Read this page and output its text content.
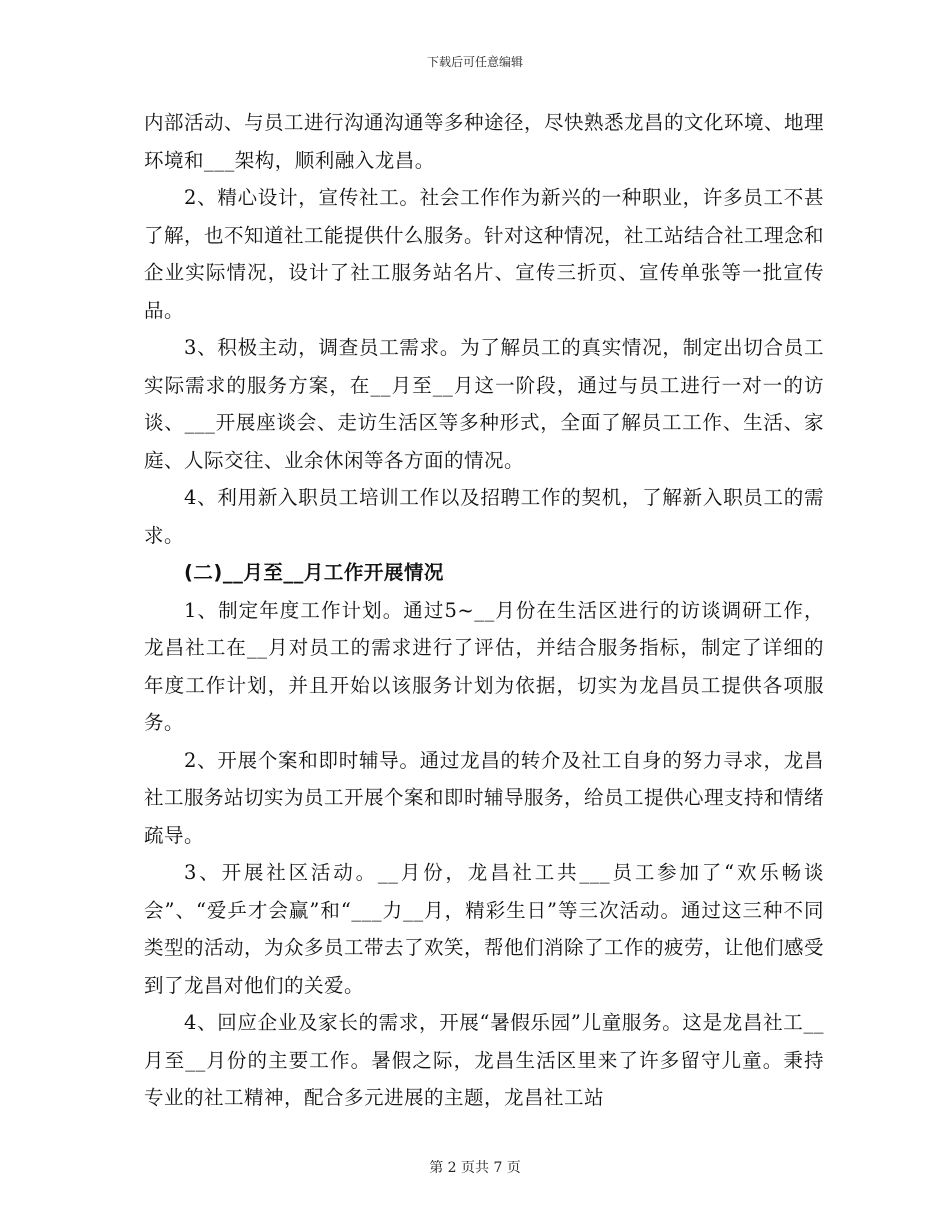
下载后可任意编辑

内部活动、与员工进行沟通沟通等多种途径，尽快熟悉龙昌的文化环境、地理环境和___架构，顺利融入龙昌。

2、精心设计，宣传社工。社会工作作为新兴的一种职业，许多员工不甚了解，也不知道社工能提供什么服务。针对这种情况，社工站结合社工理念和企业实际情况，设计了社工服务站名片、宣传三折页、宣传单张等一批宣传品。

3、积极主动，调查员工需求。为了解员工的真实情况，制定出切合员工实际需求的服务方案，在__月至__月这一阶段，通过与员工进行一对一的访谈、___开展座谈会、走访生活区等多种形式，全面了解员工工作、生活、家庭、人际交往、业余休闲等各方面的情况。

4、利用新入职员工培训工作以及招聘工作的契机，了解新入职员工的需求。

(二)__月至__月工作开展情况

1、制定年度工作计划。通过5~__月份在生活区进行的访谈调研工作，龙昌社工在__月对员工的需求进行了评估，并结合服务指标，制定了详细的年度工作计划，并且开始以该服务计划为依据，切实为龙昌员工提供各项服务。

2、开展个案和即时辅导。通过龙昌的转介及社工自身的努力寻求，龙昌社工服务站切实为员工开展个案和即时辅导服务，给员工提供心理支持和情绪疏导。

3、开展社区活动。__月份，龙昌社工共___员工参加了“欢乐畅谈会”、“爱乒才会赢”和“___力__月，精彩生日”等三次活动。通过这三种不同类型的活动，为众多员工带去了欢笑，帮他们消除了工作的疲劳，让他们感受到了龙昌对他们的关爱。

4、回应企业及家长的需求，开展“暑假乐园”儿童服务。这是龙昌社工__月至__月份的主要工作。暑假之际，龙昌生活区里来了许多留守儿童。秉持专业的社工精神，配合多元进展的主题，龙昌社工站

第 2 页共 7 页
